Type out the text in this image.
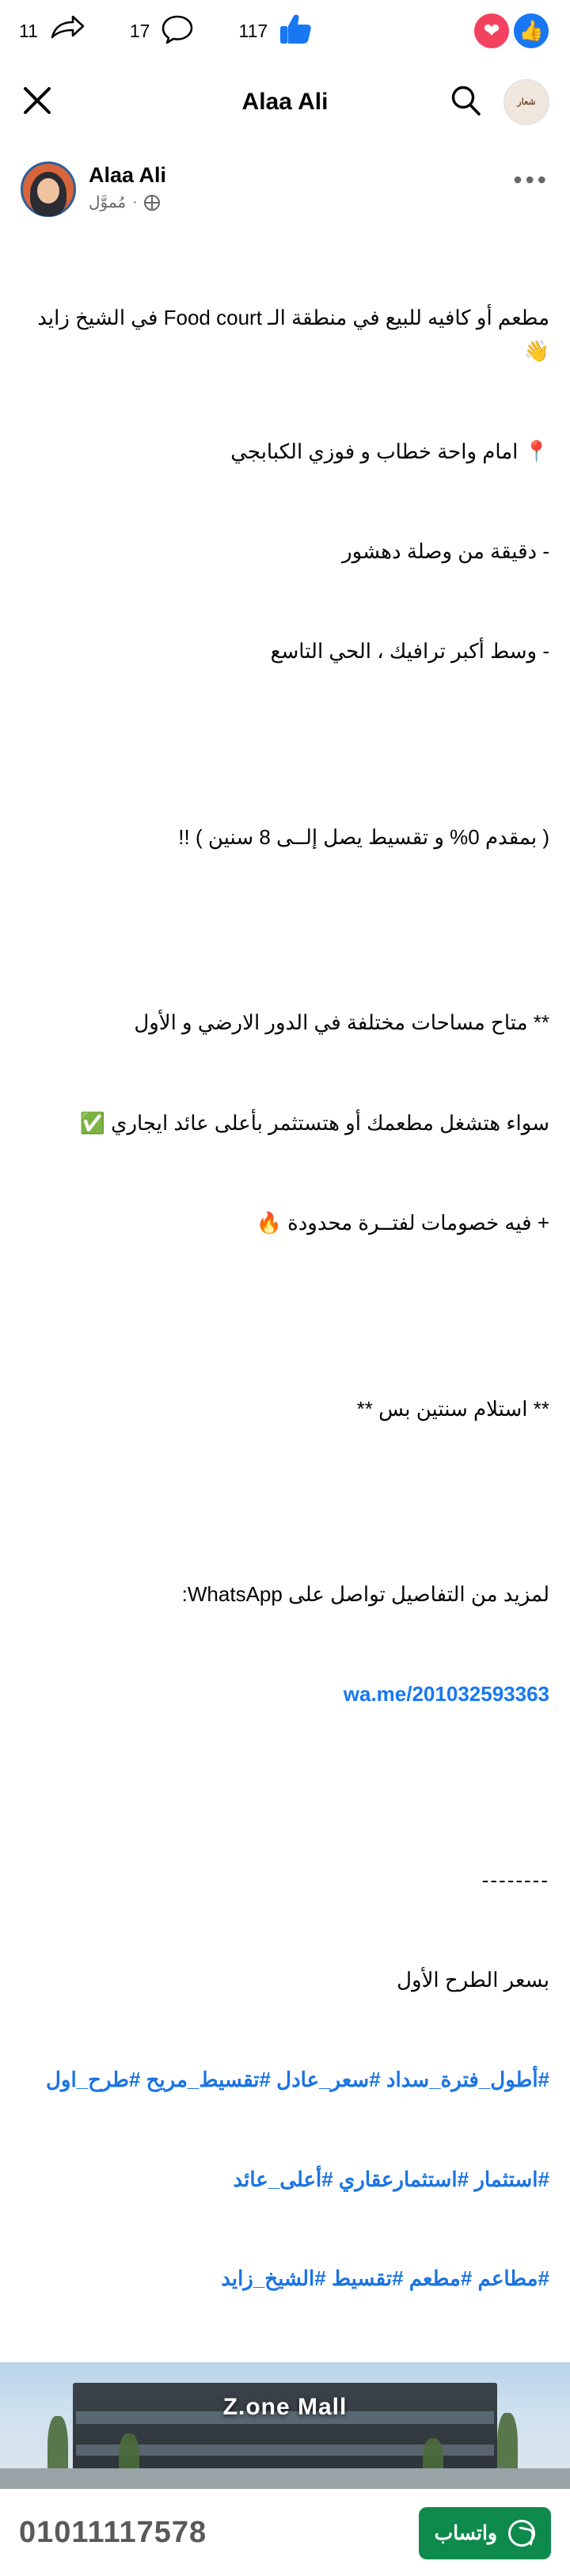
👍
❤
11	17	117
شعار
Alaa Ali
•••
Alaa Ali
·
مُموَّل

مطعم أو كافيه للبيع في منطقة الـ Food court في الشيخ زايد 👋

📍 امام واحة خطاب و فوزي الكبابجي

- دقيقة من وصلة دهشور

- وسط أكبر ترافيك ، الحي التاسع

( بمقدم 0% و تقسيط يصل إلــى 8 سنين ) !!

** متاح مساحات مختلفة في الدور الارضي و الأول

سواء هتشغل مطعمك أو هتستثمر بأعلى عائد ايجاري ✅

+ فيه خصومات لفتــرة محدودة 🔥

** استلام سنتين بس **

لمزيد من التفاصيل تواصل على WhatsApp:

wa.me/201032593363

--------

بسعر الطرح الأول

#أطول_فترة_سداد #سعر_عادل #تقسيط_مريح #طرح_اول

#استثمار #استثمارعقاري #أعلى_عائد

#مطاعم #مطعم #تقسيط #الشيخ_زايد

Z.one Mall
واتساب
01011117578
